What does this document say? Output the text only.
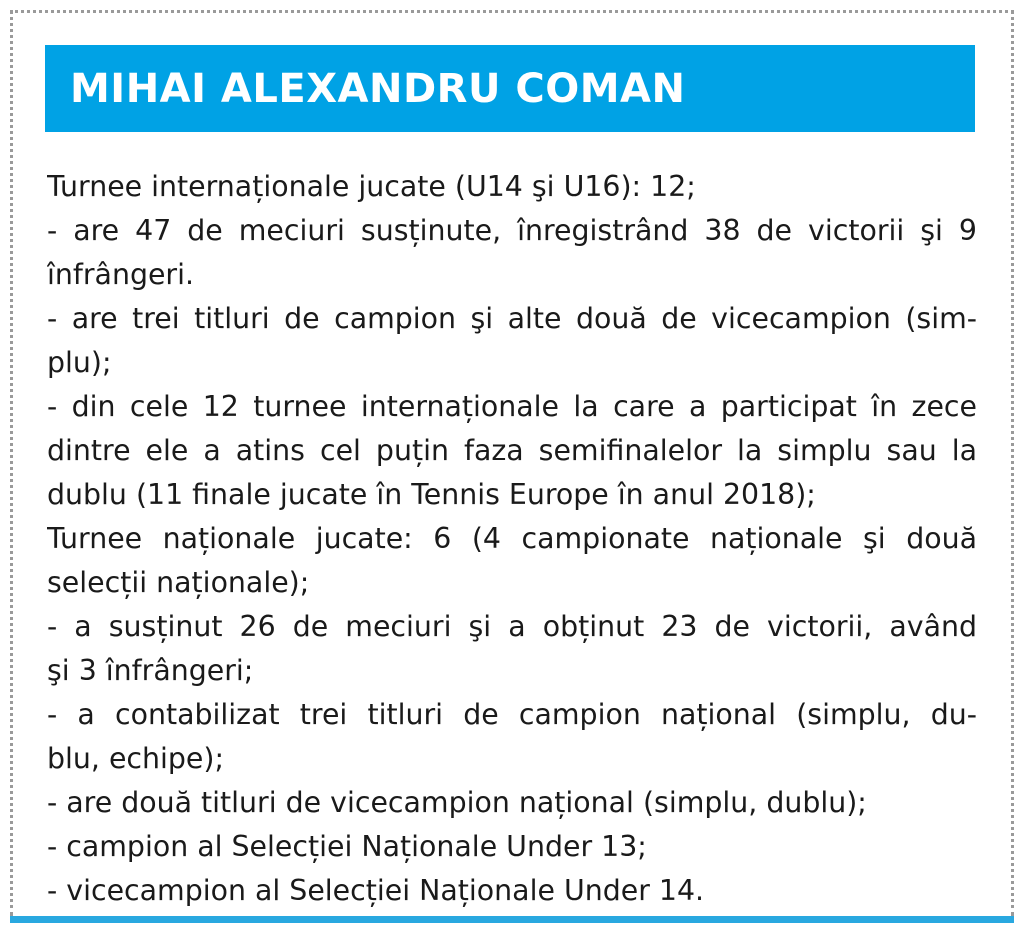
MIHAI ALEXANDRU COMAN
Turnee internaționale jucate (U14 şi U16): 12;
- are 47 de meciuri susținute, înregistrând 38 de victorii şi 9
înfrângeri.
- are trei titluri de campion şi alte două de vicecampion (sim-
plu);
- din cele 12 turnee internaționale la care a participat în zece
dintre ele a atins cel puțin faza semifinalelor la simplu sau la
dublu (11 finale jucate în Tennis Europe în anul 2018);
Turnee naționale jucate: 6 (4 campionate naționale şi două
selecții naționale);
- a susținut 26 de meciuri şi a obținut 23 de victorii, având
şi 3 înfrângeri;
- a contabilizat trei titluri de campion național (simplu, du-
blu, echipe);
- are două titluri de vicecampion național (simplu, dublu);
- campion al Selecției Naționale Under 13;
- vicecampion al Selecției Naționale Under 14.
